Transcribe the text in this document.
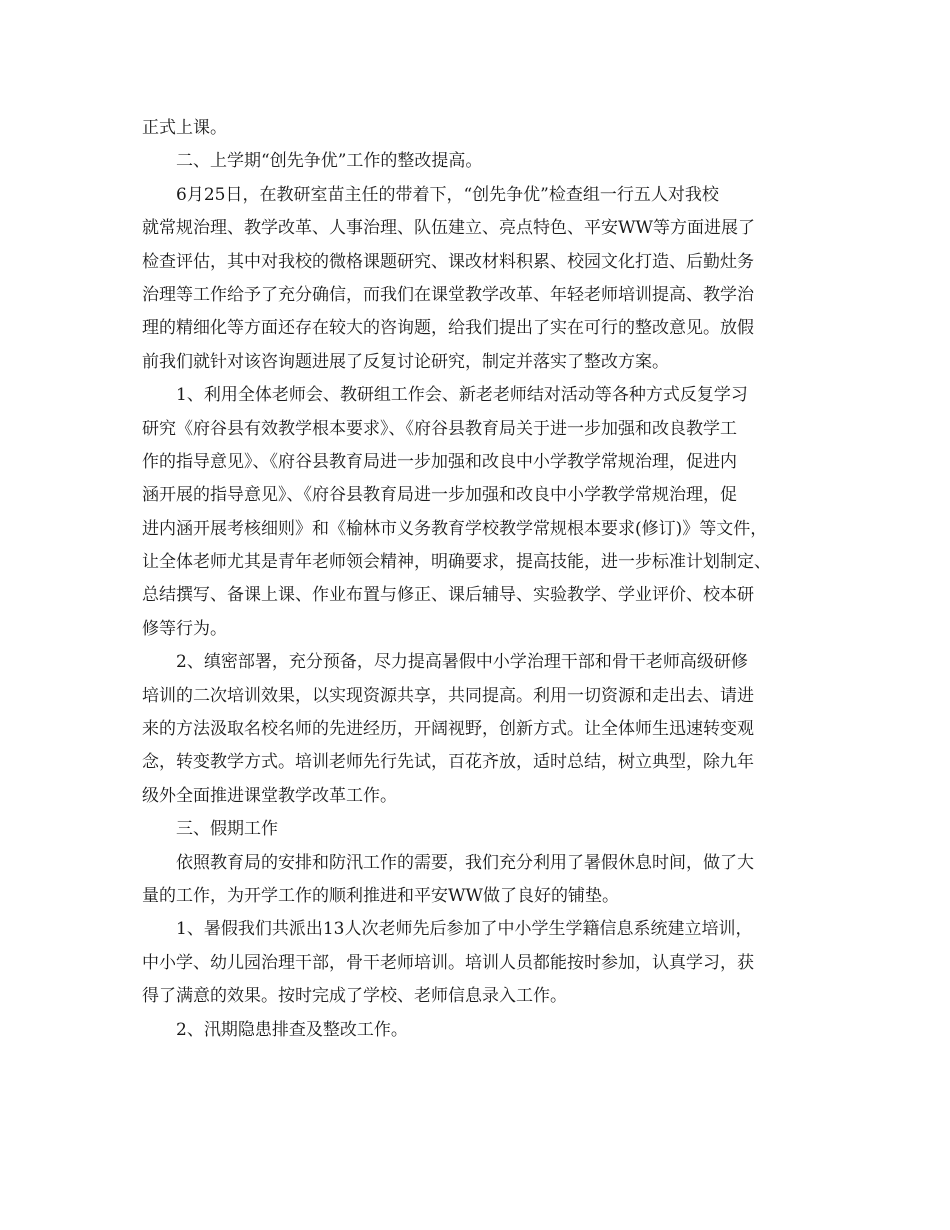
正式上课。
二、上学期“创先争优”工作的整改提高。
6月25日，在教研室苗主任的带着下，“创先争优”检查组一行五人对我校
就常规治理、教学改革、人事治理、队伍建立、亮点特色、平安WW等方面进展了
检查评估，其中对我校的微格课题研究、课改材料积累、校园文化打造、后勤灶务
治理等工作给予了充分确信，而我们在课堂教学改革、年轻老师培训提高、教学治
理的精细化等方面还存在较大的咨询题，给我们提出了实在可行的整改意见。放假
前我们就针对该咨询题进展了反复讨论研究，制定并落实了整改方案。
1、利用全体老师会、教研组工作会、新老老师结对活动等各种方式反复学习
研究《府谷县有效教学根本要求》、《府谷县教育局关于进一步加强和改良教学工
作的指导意见》、《府谷县教育局进一步加强和改良中小学教学常规治理，促进内
涵开展的指导意见》、《府谷县教育局进一步加强和改良中小学教学常规治理，促
进内涵开展考核细则》和《榆林市义务教育学校教学常规根本要求(修订)》等文件，
让全体老师尤其是青年老师领会精神，明确要求，提高技能，进一步标准计划制定、
总结撰写、备课上课、作业布置与修正、课后辅导、实验教学、学业评价、校本研
修等行为。
2、缜密部署，充分预备，尽力提高暑假中小学治理干部和骨干老师高级研修
培训的二次培训效果，以实现资源共享，共同提高。利用一切资源和走出去、请进
来的方法汲取名校名师的先进经历，开阔视野，创新方式。让全体师生迅速转变观
念，转变教学方式。培训老师先行先试，百花齐放，适时总结，树立典型，除九年
级外全面推进课堂教学改革工作。
三、假期工作
依照教育局的安排和防汛工作的需要，我们充分利用了暑假休息时间，做了大
量的工作，为开学工作的顺利推进和平安WW做了良好的铺垫。
1、暑假我们共派出13人次老师先后参加了中小学生学籍信息系统建立培训，
中小学、幼儿园治理干部，骨干老师培训。培训人员都能按时参加，认真学习，获
得了满意的效果。按时完成了学校、老师信息录入工作。
2、汛期隐患排查及整改工作。
